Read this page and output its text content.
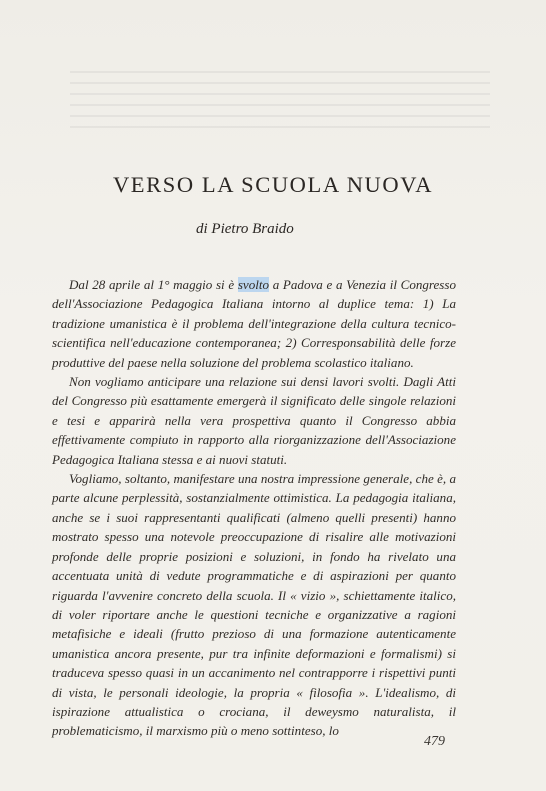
VERSO LA SCUOLA NUOVA
di Pietro Braido

Dal 28 aprile al 1° maggio si è svolto a Padova e a Venezia il Congresso dell'Associazione Pedagogica Italiana intorno al duplice tema: 1) La tradizione umanistica è il problema dell'integrazione della cultura tecnico-scientifica nell'educazione contemporanea; 2) Corresponsabilità delle forze produttive del paese nella soluzione del problema scolastico italiano.

Non vogliamo anticipare una relazione sui densi lavori svolti. Dagli Atti del Congresso più esattamente emergerà il significato delle singole relazioni e tesi e apparirà nella vera prospettiva quanto il Congresso abbia effettivamente compiuto in rapporto alla riorganizzazione dell'Associazione Pedagogica Italiana stessa e ai nuovi statuti.

Vogliamo, soltanto, manifestare una nostra impressione generale, che è, a parte alcune perplessità, sostanzialmente ottimistica. La pedagogia italiana, anche se i suoi rappresentanti qualificati (almeno quelli presenti) hanno mostrato spesso una notevole preoccupazione di risalire alle motivazioni profonde delle proprie posizioni e soluzioni, in fondo ha rivelato una accentuata unità di vedute programmatiche e di aspirazioni per quanto riguarda l'avvenire concreto della scuola. Il « vizio », schiettamente italico, di voler riportare anche le questioni tecniche e organizzative a ragioni metafisiche e ideali (frutto prezioso di una formazione autenticamente umanistica ancora presente, pur tra infinite deformazioni e formalismi) si traduceva spesso quasi in un accanimento nel contrapporre i rispettivi punti di vista, le personali ideologie, la propria « filosofia ». L'idealismo, di ispirazione attualistica o crociana, il deweysmo naturalista, il problematicismo, il marxismo più o meno sottinteso, lo

479
